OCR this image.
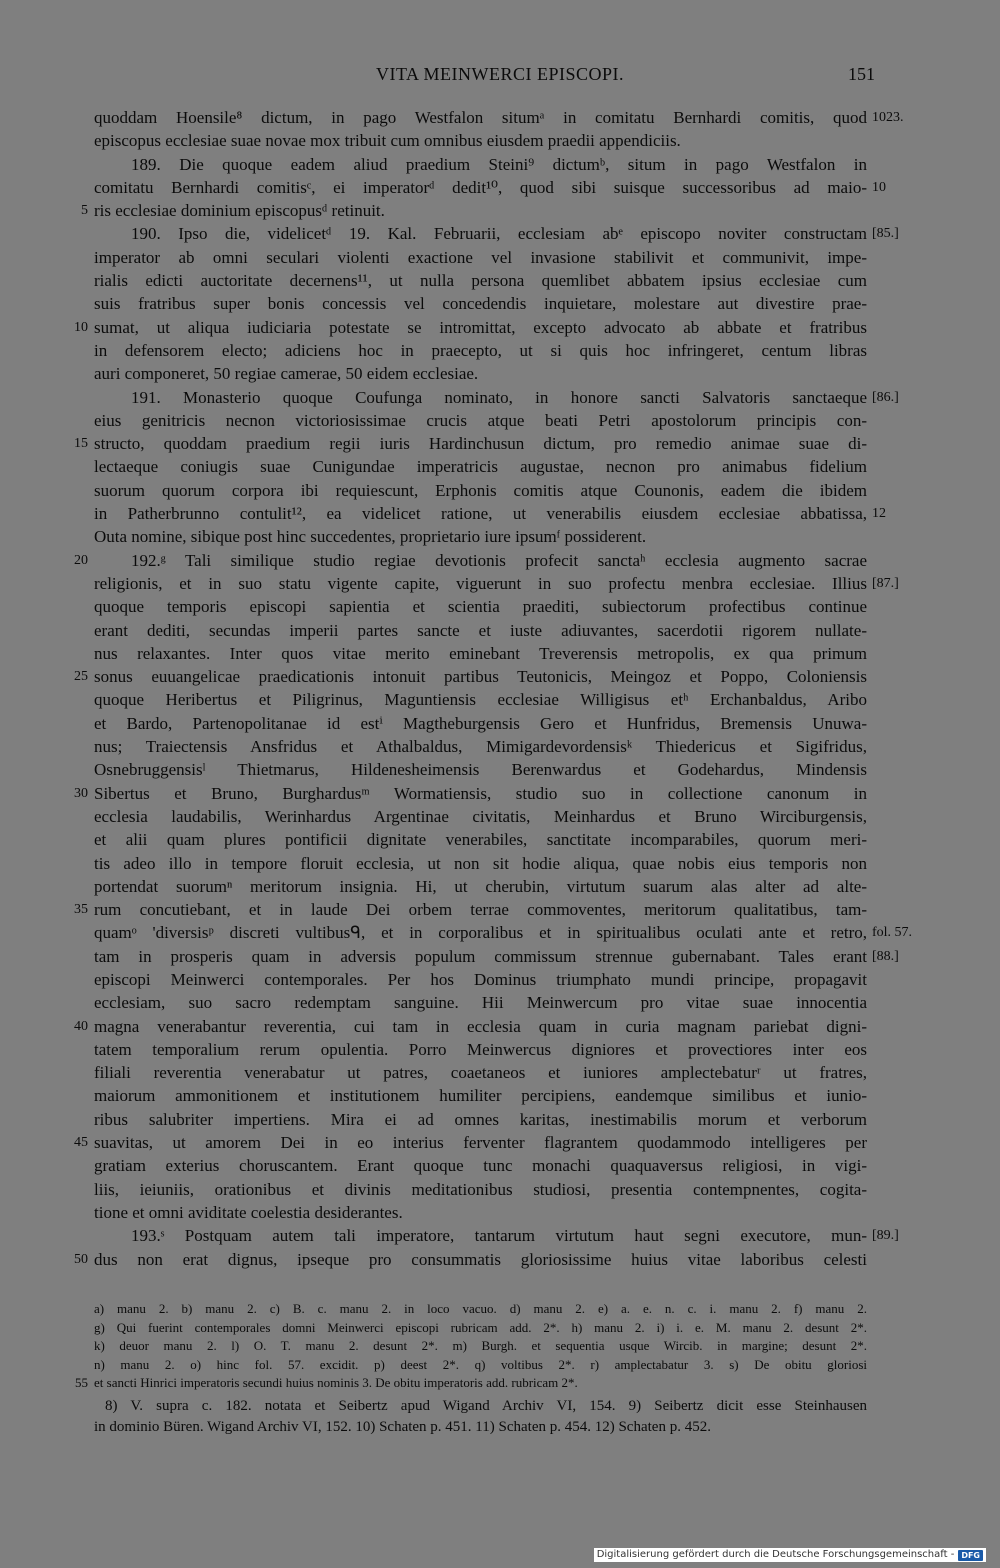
VITA MEINWERCI EPISCOPI.	151
quoddam Hoensile⁸ dictum, in pago Westfalon situmᵃ in comitatu Bernhardi comitis, quod 1023.
episcopus ecclesiae suae novae mox tribuit cum omnibus eiusdem praedii appendiciis.
189. Die quoque eadem aliud praedium Steini⁹ dictumᵇ, situm in pago Westfalon in
comitatu Bernhardi comitisᶜ, ei imperatorᵈ dedit¹⁰, quod sibi suisque successoribus ad maio- 10
5 ris ecclesiae dominium episcopusᵈ retinuit.
190. Ipso die, videlicetᵈ 19. Kal. Februarii, ecclesiam abᵉ episcopo noviter constructam [85.]
imperator ab omni seculari violenti exactione vel invasione stabilivit et communivit, impe-
rialis edicti auctoritate decernens¹¹, ut nulla persona quemlibet abbatem ipsius ecclesiae cum
suis fratribus super bonis concessis vel concedendis inquietare, molestare aut divestire prae-
10 sumat, ut aliqua iudiciaria potestate se intromittat, excepto advocato ab abbate et fratribus
in defensorem electo; adiciens hoc in praecepto, ut si quis hoc infringeret, centum libras
auri componeret, 50 regiae camerae, 50 eidem ecclesiae.
191. Monasterio quoque Coufunga nominato, in honore sancti Salvatoris sanctaeque [86.]
eius genitricis necnon victoriosissimae crucis atque beati Petri apostolorum principis con-
15 structo, quoddam praedium regii iuris Hardinchusun dictum, pro remedio animae suae di-
lectaeque coniugis suae Cunigundae imperatricis augustae, necnon pro animabus fidelium
suorum quorum corpora ibi requiescunt, Erphonis comitis atque Counonis, eadem die ibidem
in Patherbrunno contulit¹², ea videlicet ratione, ut venerabilis eiusdem ecclesiae abbatissa, 12
Outa nomine, sibique post hinc succedentes, proprietario iure ipsumᶠ possiderent.
20	192.ᵍ Tali similique studio regiae devotionis profecit sanctaʰ ecclesia augmento sacrae
religionis, et in suo statu vigente capite, viguerunt in suo profectu menbra ecclesiae. Illius [87.]
quoque temporis episcopi sapientia et scientia praediti, subiectorum profectibus continue
erant dediti, secundas imperii partes sancte et iuste adiuvantes, sacerdotii rigorem nullate-
nus relaxantes. Inter quos vitae merito eminebant Treverensis metropolis, ex qua primum
25 sonus euuangelicae praedicationis intonuit partibus Teutonicis, Meingoz et Poppo, Coloniensis
quoque Heribertus et Piligrinus, Maguntiensis ecclesiae Willigisus etʰ Erchanbaldus, Aribo
et Bardo, Partenopolitanae id estⁱ Magtheburgensis Gero et Hunfridus, Bremensis Unuwa-
nus; Traiectensis Ansfridus et Athalbaldus, Mimigardevordensisᵏ Thiedericus et Sigifridus,
Osnebruggensisˡ Thietmarus, Hildenesheimensis Berenwardus et Godehardus, Mindensis
30 Sibertus et Bruno, Burghardusᵐ Wormatiensis, studio suo in collectione canonum in
ecclesia laudabilis, Werinhardus Argentinae civitatis, Meinhardus et Bruno Wirciburgensis,
et alii quam plures pontificii dignitate venerabiles, sanctitate incomparabiles, quorum meri-
tis adeo illo in tempore floruit ecclesia, ut non sit hodie aliqua, quae nobis eius temporis non
portendat suorumⁿ meritorum insignia. Hi, ut cherubin, virtutum suarum alas alter ad alte-
35 rum concutiebant, et in laude Dei orbem terrae commoventes, meritorum qualitatibus, tam-
quamᵒ 'diversisᵖ discreti vultibusᑫ, et in corporalibus et in spiritualibus oculati ante et retro, fol. 57.
tam in prosperis quam in adversis populum commissum strennue gubernabant. Tales erant [88.]
episcopi Meinwerci contemporales. Per hos Dominus triumphato mundi principe, propagavit
ecclesiam, suo sacro redemptam sanguine. Hii Meinwercum pro vitae suae innocentia
40 magna venerabantur reverentia, cui tam in ecclesia quam in curia magnam pariebat digni-
tatem temporalium rerum opulentia. Porro Meinwercus digniores et provectiores inter eos
filiali reverentia venerabatur ut patres, coaetaneos et iuniores amplectebaturʳ ut fratres,
maiorum ammonitionem et institutionem humiliter percipiens, eandemque similibus et iunio-
ribus salubriter impertiens. Mira ei ad omnes karitas, inestimabilis morum et verborum
45 suavitas, ut amorem Dei in eo interius ferventer flagrantem quodammodo intelligeres per
gratiam exterius choruscantem. Erant quoque tunc monachi quaquaversus religiosi, in vigi-
liis, ieiuniis, orationibus et divinis meditationibus studiosi, presentia contempnentes, cogita-
tione et omni aviditate coelestia desiderantes.
193.ˢ Postquam autem tali imperatore, tantarum virtutum haut segni executore, mun- [89.]
50 dus non erat dignus, ipseque pro consummatis gloriosissime huius vitae laboribus celesti
a) manu 2. b) manu 2. c) B. c. manu 2. in loco vacuo. d) manu 2. e) a. e. n. c. i. manu 2. f) manu 2.
g) Qui fuerint contemporales domni Meinwerci episcopi rubricam add. 2*. h) manu 2. i) i. e. M. manu 2. desunt 2*.
k) deuor manu 2. l) O. T. manu 2. desunt 2*. m) Burgh. et sequentia usque Wircib. in margine; desunt 2*.
n) manu 2. o) hinc fol. 57. excidit. p) deest 2*. q) voltibus 2*. r) amplectabatur 3. s) De obitu gloriosi
55 et sancti Hinrici imperatoris secundi huius nominis 3. De obitu imperatoris add. rubricam 2*.
8) V. supra c. 182. notata et Seibertz apud Wigand Archiv VI, 154. 9) Seibertz dicit esse Steinhausen
in dominio Büren. Wigand Archiv VI, 152. 10) Schaten p. 451. 11) Schaten p. 454. 12) Schaten p. 452.
Digitalisierung gefördert durch die Deutsche Forschungsgemeinschaft - DFG
